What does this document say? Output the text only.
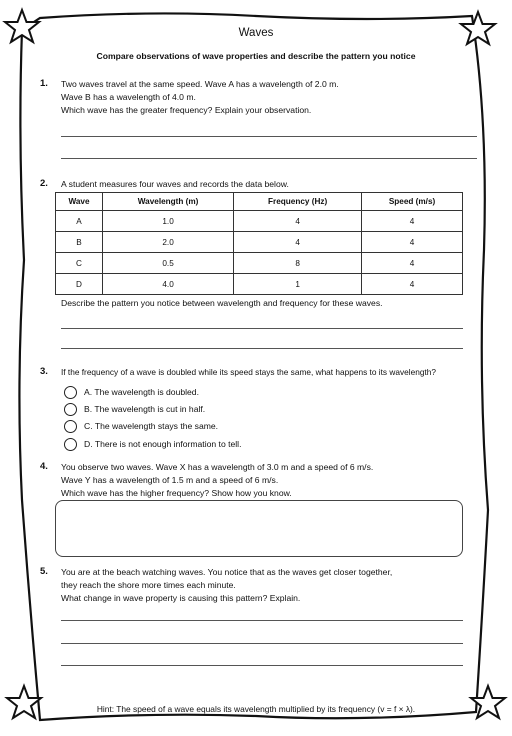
Waves
Compare observations of wave properties and describe the pattern you notice
1. Two waves travel at the same speed. Wave A has a wavelength of 2.0 m.
Wave B has a wavelength of 4.0 m.
Which wave has the greater frequency? Explain your observation.
2. A student measures four waves and records the data below.
Wave	Wavelength (m)	Frequency (Hz)	Speed (m/s)
A	1.0	4	4
B	2.0	4	4
C	0.5	8	4
D	4.0	1	4
Describe the pattern you notice between wavelength and frequency for these waves.
3. If the frequency of a wave is doubled while its speed stays the same, what happens to its wavelength?
A. The wavelength is doubled.
B. The wavelength is cut in half.
C. The wavelength stays the same.
D. There is not enough information to tell.
4. You observe two waves. Wave X has a wavelength of 3.0 m and a speed of 6 m/s.
Wave Y has a wavelength of 1.5 m and a speed of 6 m/s.
Which wave has the higher frequency? Show how you know.
5. You are at the beach watching waves. You notice that as the waves get closer together,
they reach the shore more times each minute.
What change in wave property is causing this pattern? Explain.
Hint: The speed of a wave equals its wavelength multiplied by its frequency (v = f × λ).
